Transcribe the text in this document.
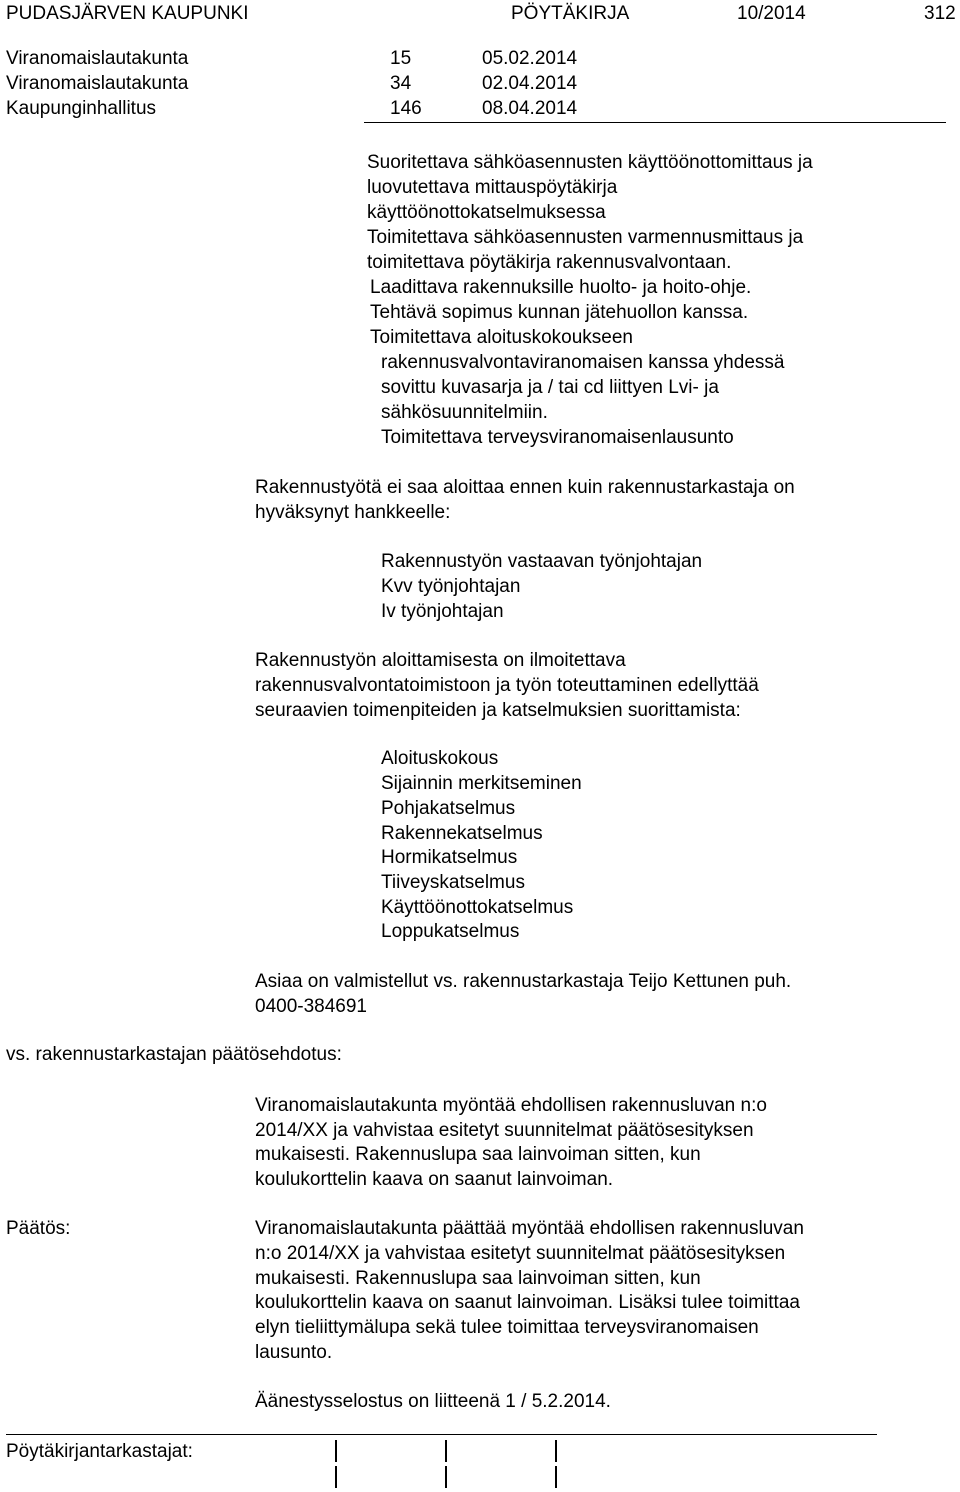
PUDASJÄRVEN KAUPUNKI	PÖYTÄKIRJA	10/2014	312
Viranomaislautakunta	15	05.02.2014
Viranomaislautakunta	34	02.04.2014
Kaupunginhallitus	146	08.04.2014
Suoritettava sähköasennusten käyttöönottomittaus ja
luovutettava mittauspöytäkirja
käyttöönottokatselmuksessa
Toimitettava sähköasennusten varmennusmittaus ja
toimitettava pöytäkirja rakennusvalvontaan.
Laadittava rakennuksille huolto- ja hoito-ohje.
Tehtävä sopimus kunnan jätehuollon kanssa.
Toimitettava aloituskokoukseen
rakennusvalvontaviranomaisen kanssa yhdessä
sovittu kuvasarja ja / tai cd liittyen Lvi- ja
sähkösuunnitelmiin.
Toimitettava terveysviranomaisenlausunto
Rakennustyötä ei saa aloittaa ennen kuin rakennustarkastaja on
hyväksynyt hankkeelle:
Rakennustyön vastaavan työnjohtajan
Kvv työnjohtajan
Iv työnjohtajan
Rakennustyön aloittamisesta on ilmoitettava
rakennusvalvontatoimistoon ja työn toteuttaminen edellyttää
seuraavien toimenpiteiden ja katselmuksien suorittamista:
Aloituskokous
Sijainnin merkitseminen
Pohjakatselmus
Rakennekatselmus
Hormikatselmus
Tiiveyskatselmus
Käyttöönottokatselmus
Loppukatselmus
Asiaa on valmistellut vs. rakennustarkastaja Teijo Kettunen puh.
0400-384691
vs. rakennustarkastajan päätösehdotus:
Viranomaislautakunta myöntää ehdollisen rakennusluvan n:o
2014/XX ja vahvistaa esitetyt suunnitelmat päätösesityksen
mukaisesti. Rakennuslupa saa lainvoiman sitten, kun
koulukorttelin kaava on saanut lainvoiman.
Päätös:	Viranomaislautakunta päättää myöntää ehdollisen rakennusluvan
n:o 2014/XX ja vahvistaa esitetyt suunnitelmat päätösesityksen
mukaisesti. Rakennuslupa saa lainvoiman sitten, kun
koulukorttelin kaava on saanut lainvoiman. Lisäksi tulee toimittaa
elyn tieliittymälupa sekä tulee toimittaa terveysviranomaisen
lausunto.
Äänestysselostus on liitteenä 1 / 5.2.2014.
Pöytäkirjantarkastajat:
